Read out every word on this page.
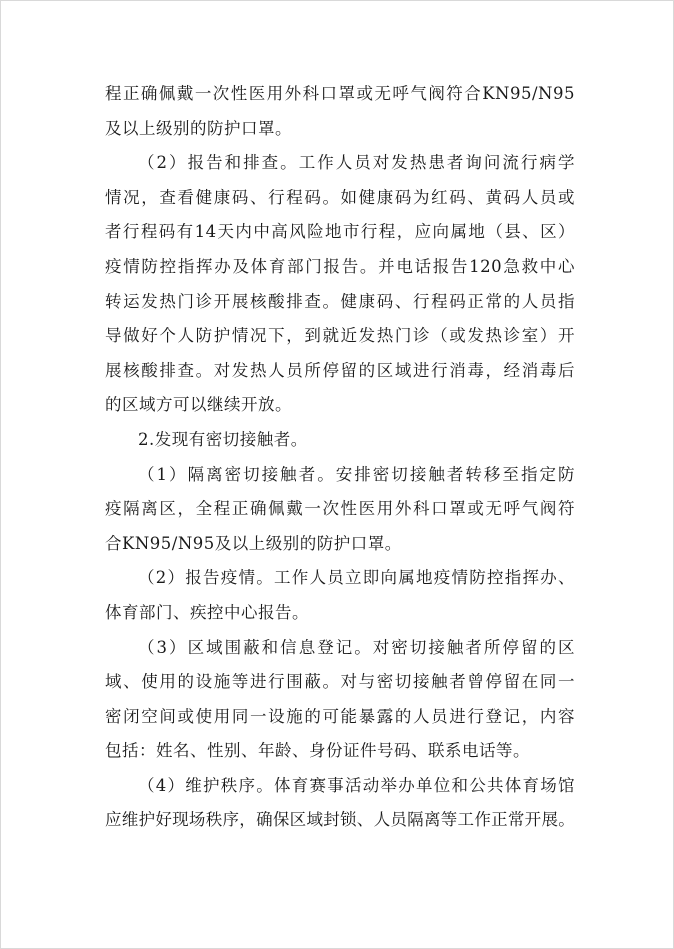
程正确佩戴一次性医用外科口罩或无呼气阀符合KN95/N95
及以上级别的防护口罩。
（2）报告和排查。工作人员对发热患者询问流行病学
情况，查看健康码、行程码。如健康码为红码、黄码人员或
者行程码有14天内中高风险地市行程，应向属地（县、区）
疫情防控指挥办及体育部门报告。并电话报告120急救中心
转运发热门诊开展核酸排查。健康码、行程码正常的人员指
导做好个人防护情况下，到就近发热门诊（或发热诊室）开
展核酸排查。对发热人员所停留的区域进行消毒，经消毒后
的区域方可以继续开放。
2.发现有密切接触者。
（1）隔离密切接触者。安排密切接触者转移至指定防
疫隔离区，全程正确佩戴一次性医用外科口罩或无呼气阀符
合KN95/N95及以上级别的防护口罩。
（2）报告疫情。工作人员立即向属地疫情防控指挥办、
体育部门、疾控中心报告。
（3）区域围蔽和信息登记。对密切接触者所停留的区
域、使用的设施等进行围蔽。对与密切接触者曾停留在同一
密闭空间或使用同一设施的可能暴露的人员进行登记，内容
包括：姓名、性别、年龄、身份证件号码、联系电话等。
（4）维护秩序。体育赛事活动举办单位和公共体育场馆
应维护好现场秩序，确保区域封锁、人员隔离等工作正常开展。
